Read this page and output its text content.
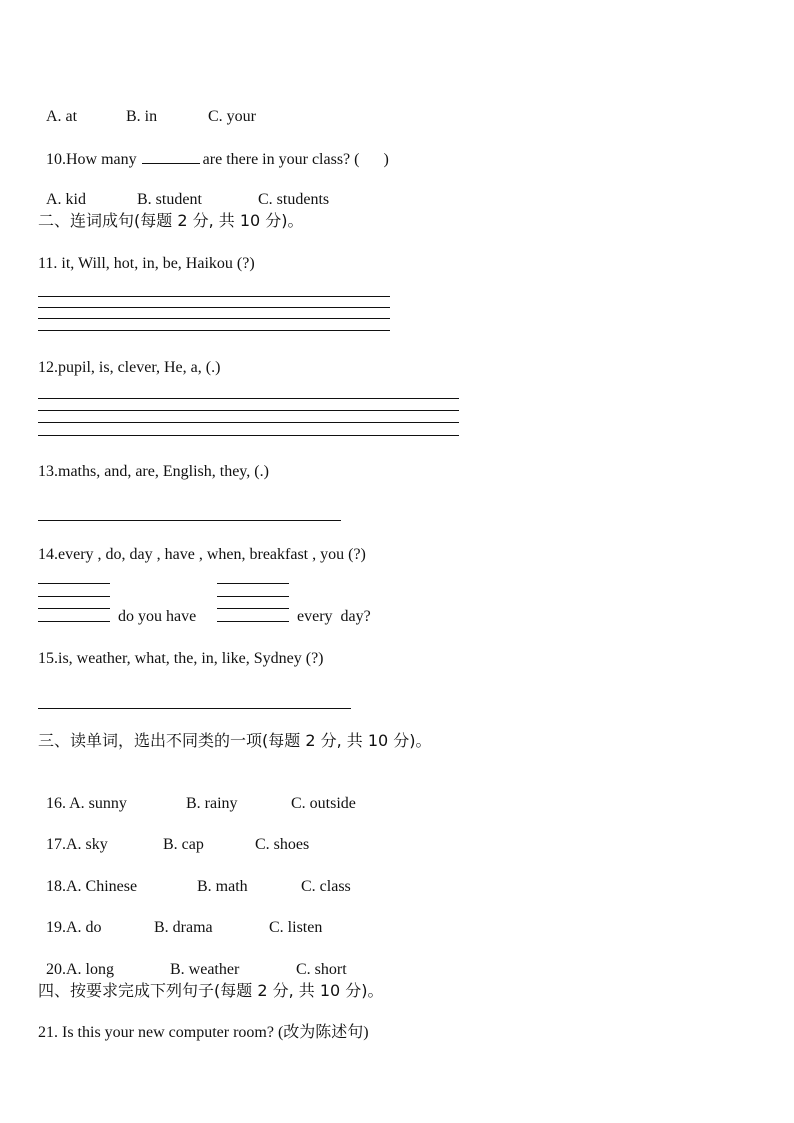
A. at	B. in	C. your

10.How many	are there in your class? ( )

A. kid	B. student	C. students

二、连词成句(每题 2 分, 共 10 分)。
11. it, Will, hot, in, be, Haikou (?)
12.pupil, is, clever, He, a, (.)
13.maths, and, are, English, they, (.)
14.every , do, day , have , when, breakfast , you (?)
do you have	every  day?
15.is, weather, what, the, in, like, Sydney (?)
三、读单词，选出不同类的一项(每题 2 分, 共 10 分)。

16. A. sunny	B. rainy	C. outside

17.A. sky	B. cap	C. shoes

18.A. Chinese	B. math	C. class

19.A. do	B. drama	C. listen

20.A. long	B. weather	C. short

四、按要求完成下列句子(每题 2 分, 共 10 分)。
21. Is this your new computer room? (改为陈述句)
